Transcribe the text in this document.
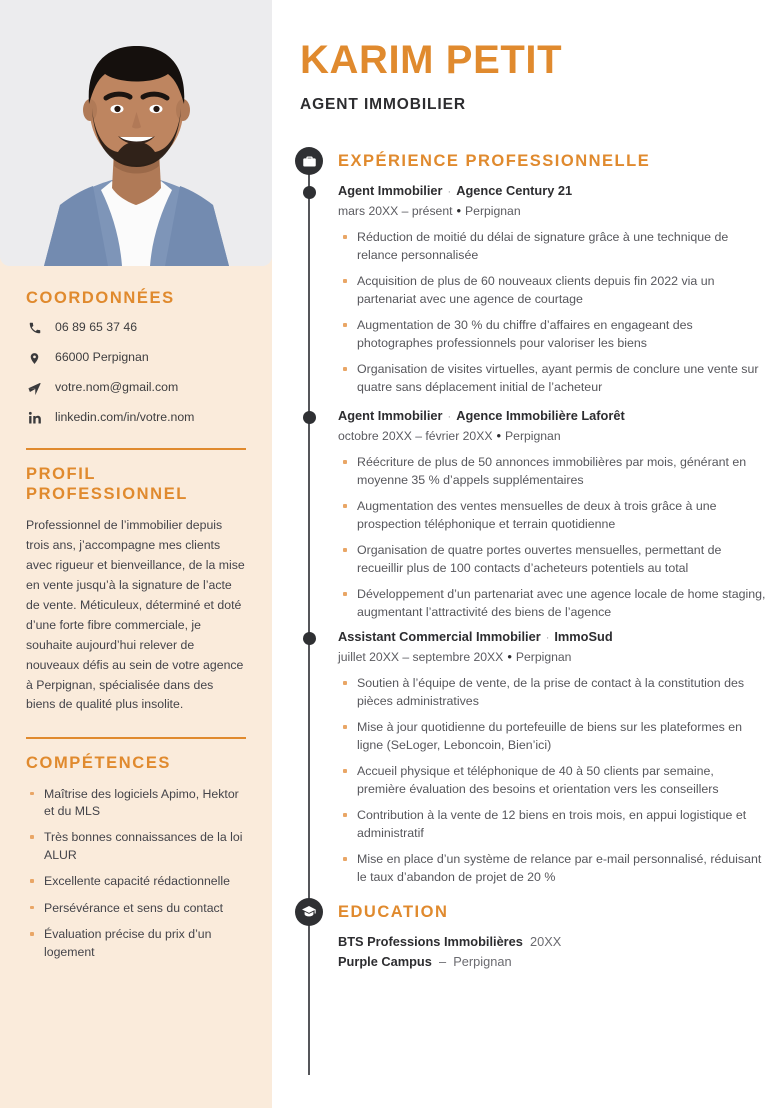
COORDONNÉES
06 89 65 37 46
66000 Perpignan
votre.nom@gmail.com
linkedin.com/in/votre.nom
PROFIL PROFESSIONNEL

Professionnel de l’immobilier depuis trois ans, j’accompagne mes clients avec rigueur et bienveillance, de la mise en vente jusqu’à la signature de l’acte de vente. Méticuleux, déterminé et doté d’une forte fibre commerciale, je souhaite aujourd’hui relever de nouveaux défis au sein de votre agence à Perpignan, spécialisée dans des biens de qualité plus insolite.

COMPÉTENCES
Maîtrise des logiciels Apimo, Hektor et du MLS
Très bonnes connaissances de la loi ALUR
Excellente capacité rédactionnelle
Persévérance et sens du contact
Évaluation précise du prix d’un logement
KARIM PETIT
AGENT IMMOBILIER
EXPÉRIENCE PROFESSIONNELLE
Agent Immobilier · Agence Century 21
mars 20XX – présent • Perpignan
Réduction de moitié du délai de signature grâce à une technique de relance personnalisée
Acquisition de plus de 60 nouveaux clients depuis fin 2022 via un partenariat avec une agence de courtage
Augmentation de 30 % du chiffre d’affaires en engageant des photographes professionnels pour valoriser les biens
Organisation de visites virtuelles, ayant permis de conclure une vente sur quatre sans déplacement initial de l’acheteur
Agent Immobilier · Agence Immobilière Laforêt
octobre 20XX – février 20XX • Perpignan
Réécriture de plus de 50 annonces immobilières par mois, générant en moyenne 35 % d’appels supplémentaires
Augmentation des ventes mensuelles de deux à trois grâce à une prospection téléphonique et terrain quotidienne
Organisation de quatre portes ouvertes mensuelles, permettant de recueillir plus de 100 contacts d’acheteurs potentiels au total
Développement d’un partenariat avec une agence locale de home staging, augmentant l’attractivité des biens de l’agence
Assistant Commercial Immobilier · ImmoSud
juillet 20XX – septembre 20XX • Perpignan
Soutien à l’équipe de vente, de la prise de contact à la constitution des pièces administratives
Mise à jour quotidienne du portefeuille de biens sur les plateformes en ligne (SeLoger, Leboncoin, Bien’ici)
Accueil physique et téléphonique de 40 à 50 clients par semaine, première évaluation des besoins et orientation vers les conseillers
Contribution à la vente de 12 biens en trois mois, en appui logistique et administratif
Mise en place d’un système de relance par e-mail personnalisé, réduisant le taux d’abandon de projet de 20 %
EDUCATION
BTS Professions Immobilières 20XX
Purple Campus – Perpignan
